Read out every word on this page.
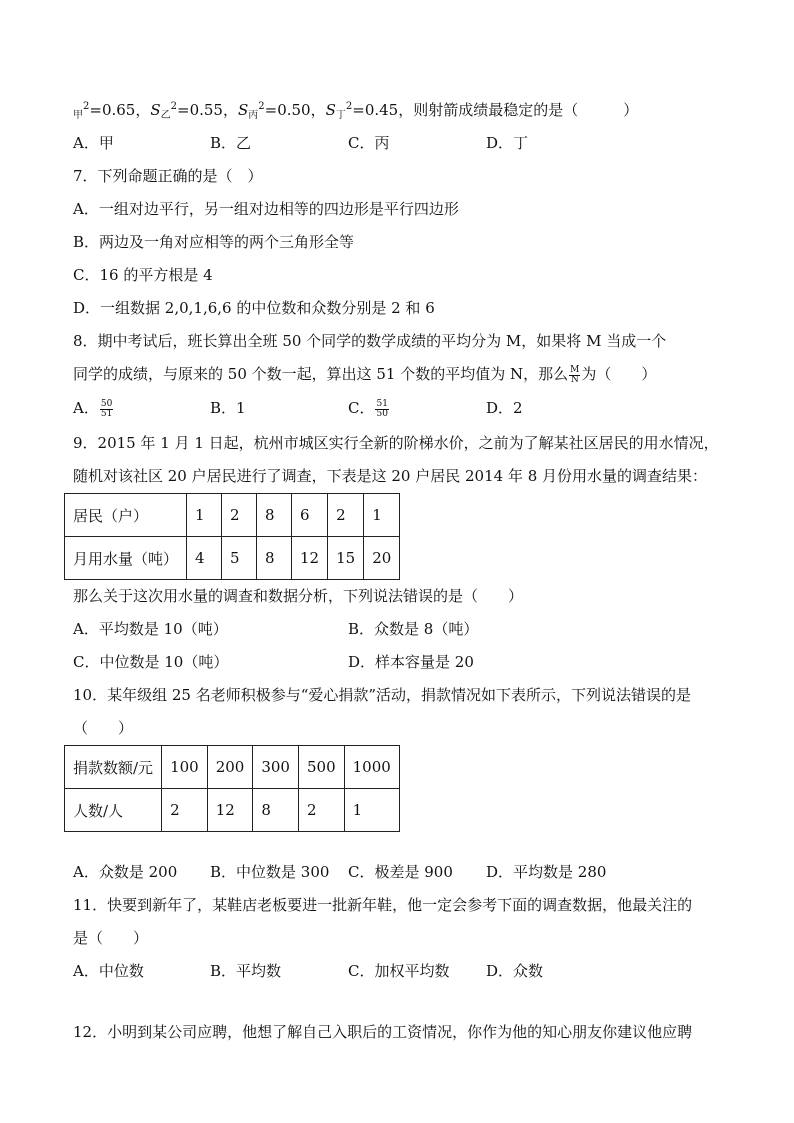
$_甲^2$=0.65，$S_乙^2=0.55$，$S_丙^2=0.50$，$S_丁^2=0.45$，则射箭成绩最稳定的是（　　　）
A．甲	B．乙	C．丙	D．丁
7．下列命题正确的是（　）
A．一组对边平行，另一组对边相等的四边形是平行四边形
B．两边及一角对应相等的两个三角形全等
C．16 的平方根是 4
D．一组数据 2,0,1,6,6 的中位数和众数分别是 2 和 6
8．期中考试后，班长算出全班 50 个同学的数学成绩的平均分为 M，如果将 M 当成一个
同学的成绩，与原来的 50 个数一起，算出这 51 个数的平均值为 N，那么 $\frac{M}{N}$ 为（　　）
A． $\frac{50}{51}$	B．1	C． $\frac{51}{50}$	D．2
9．2015 年 1 月 1 日起，杭州市城区实行全新的阶梯水价，之前为了解某社区居民的用水情况，
随机对该社区 20 户居民进行了调查，下表是这 20 户居民 2014 年 8 月份用水量的调查结果：
居民（户）	1	2	8	6	2	1
月用水量（吨）	4	5	8	12	15	20
那么关于这次用水量的调查和数据分析，下列说法错误的是（　　）
A．平均数是 10（吨）	B．众数是 8（吨）
C．中位数是 10（吨）	D．样本容量是 20
10．某年级组 25 名老师积极参与“爱心捐款”活动，捐款情况如下表所示，下列说法错误的是
（　　）
捐款数额/元	100	200	300	500	1000
人数/人	2	12	8	2	1
A．众数是 200 B．中位数是 300 C．极差是 900 D．平均数是 280
11．快要到新年了，某鞋店老板要进一批新年鞋，他一定会参考下面的调查数据，他最关注的
是（　　）
A．中位数	B．平均数	C．加权平均数 D．众数
12．小明到某公司应聘，他想了解自己入职后的工资情况，你作为他的知心朋友你建议他应聘
